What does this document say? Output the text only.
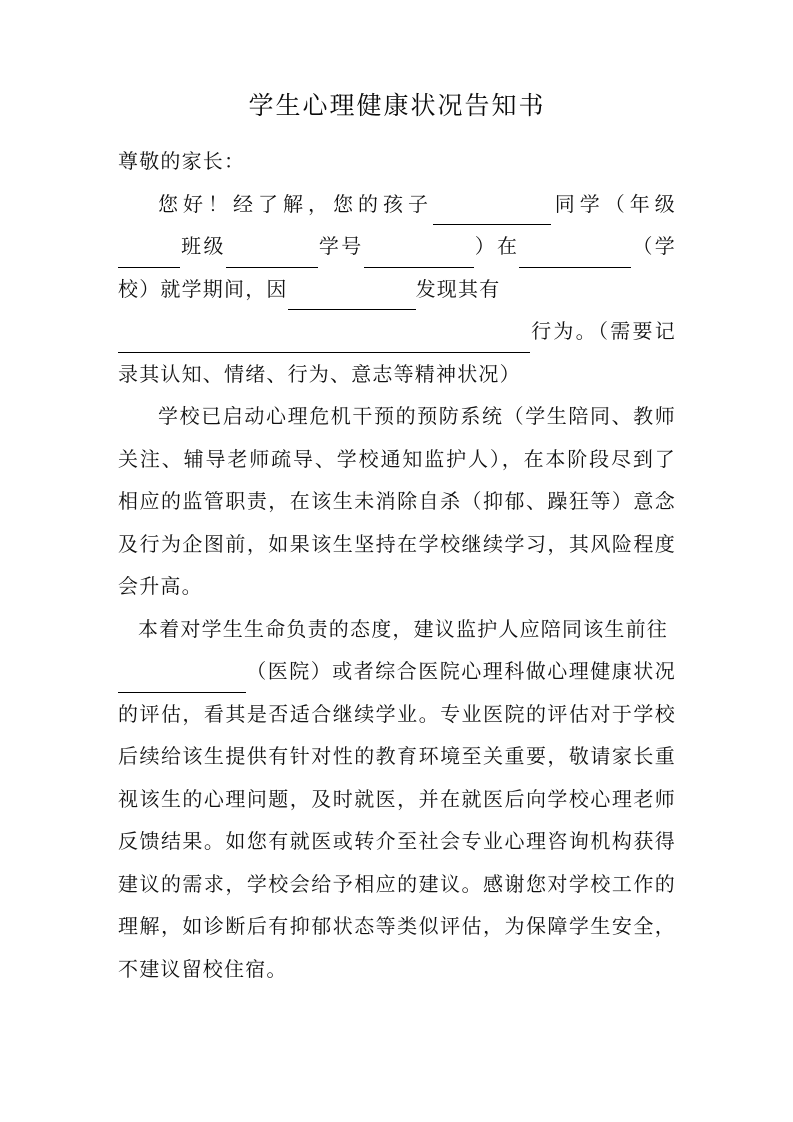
学生心理健康状况告知书

尊敬的家长：

您好！经了解，您的孩子	同学（年级班级	学号	）在	（学校）就学期间，因	发现其有
行为。（需要记录其认知、情绪、行为、意志等精神状况）

学校已启动心理危机干预的预防系统（学生陪同、教师关注、辅导老师疏导、学校通知监护人），在本阶段尽到了相应的监管职责，在该生未消除自杀（抑郁、躁狂等）意念及行为企图前，如果该生坚持在学校继续学习，其风险程度会升高。

本着对学生生命负责的态度，建议监护人应陪同该生前往
（医院）或者综合医院心理科做心理健康状况的评估，看其是否适合继续学业。专业医院的评估对于学校后续给该生提供有针对性的教育环境至关重要，敬请家长重视该生的心理问题，及时就医，并在就医后向学校心理老师反馈结果。如您有就医或转介至社会专业心理咨询机构获得建议的需求，学校会给予相应的建议。感谢您对学校工作的理解，如诊断后有抑郁状态等类似评估，为保障学生安全，不建议留校住宿。
